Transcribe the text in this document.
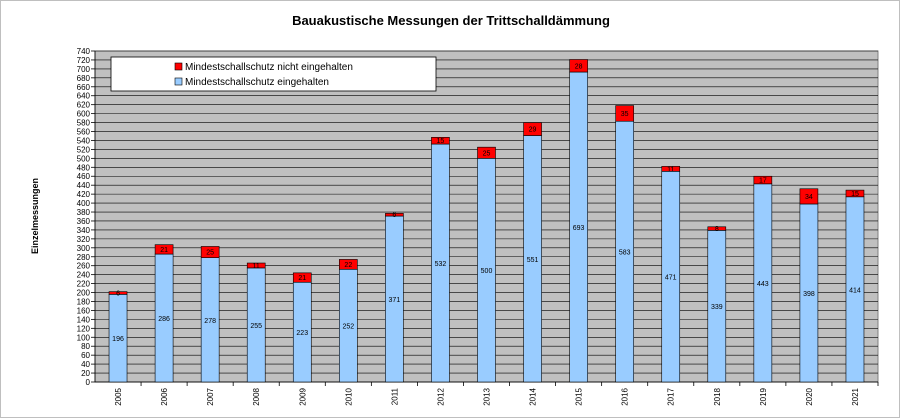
Bauakustische Messungen der Trittschalldämmung
0
20
40
60
80
100
120
140
160
180
200
220
240
260
280
300
320
340
360
380
400
420
440
460
480
500
520
540
560
580
600
620
640
660
680
700
720
740
Einzelmessungen
196
6
2005
286
21
2006
278
25
2007
255
11
2008
223
21
2009
252
22
2010
371
6
2011
532
15
2012
500
25
2013
551
29
2014
693
28
2015
583
35
2016
471
11
2017
339
8
2018
443
17
2019
398
34
2020
414
15
2021
Mindestschallschutz nicht eingehalten
Mindestschallschutz eingehalten
